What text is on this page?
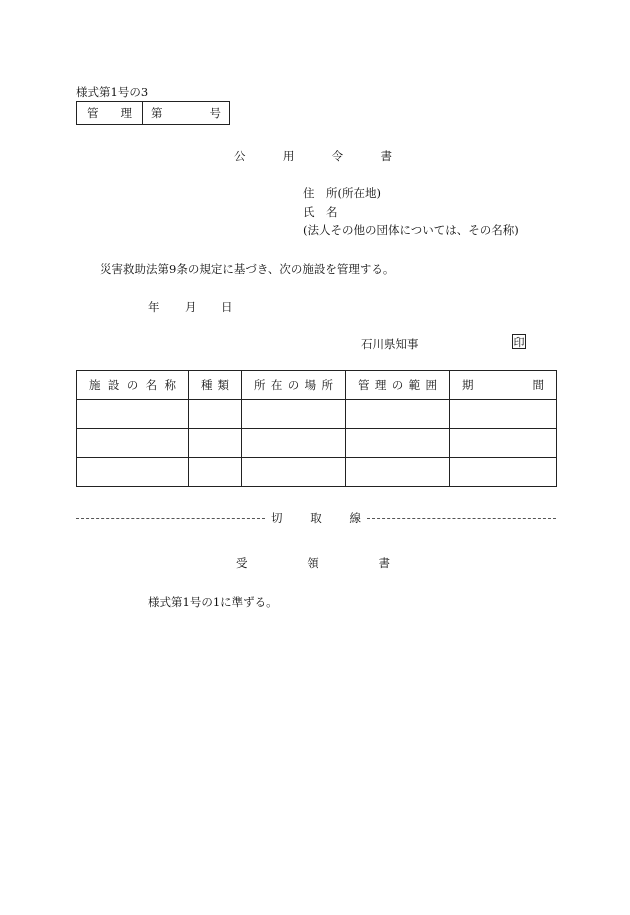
様式第1号の3
管 理 第	号
公	用	令	書
住　所(所在地)
氏　名
(法人その他の団体については、その名称)
災害救助法第9条の規定に基づき、次の施設を管理する。
年 月 日
石川県知事	印
施 設 の 名 称	種 類	所 在 の 場 所	管 理 の 範 囲	期 間

切 取 線
受	領	書
様式第1号の1に準ずる。
